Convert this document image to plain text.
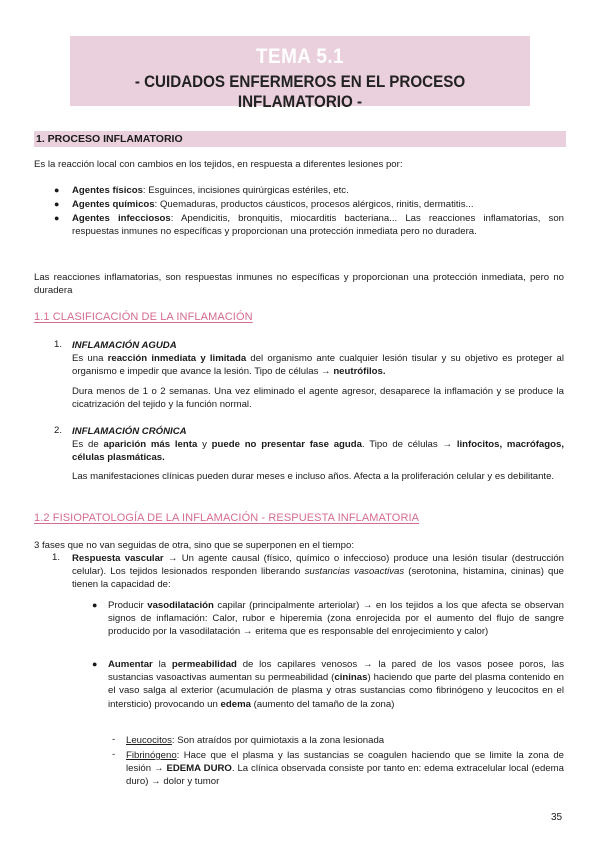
TEMA 5.1
- CUIDADOS ENFERMEROS EN EL PROCESO INFLAMATORIO -
1. PROCESO INFLAMATORIO
Es la reacción local con cambios en los tejidos, en respuesta a diferentes lesiones por:
● Agentes físicos: Esguinces, incisiones quirúrgicas estériles, etc.
● Agentes químicos: Quemaduras, productos cáusticos, procesos alérgicos, rinitis, dermatitis...
● Agentes infecciosos: Apendicitis, bronquitis, miocarditis bacteriana... Las reacciones inflamatorias, son respuestas inmunes no específicas y proporcionan una protección inmediata pero no duradera.
Las reacciones inflamatorias, son respuestas inmunes no específicas y proporcionan una protección inmediata, pero no duradera
1.1 CLASIFICACIÓN DE LA INFLAMACIÓN
1. INFLAMACIÓN AGUDA
Es una reacción inmediata y limitada del organismo ante cualquier lesión tisular y su objetivo es proteger al organismo e impedir que avance la lesión. Tipo de células → neutrófilos.
Dura menos de 1 o 2 semanas. Una vez eliminado el agente agresor, desaparece la inflamación y se produce la cicatrización del tejido y la función normal.
2. INFLAMACIÓN CRÓNICA
Es de aparición más lenta y puede no presentar fase aguda. Tipo de células → linfocitos, macrófagos, células plasmáticas.
Las manifestaciones clínicas pueden durar meses e incluso años. Afecta a la proliferación celular y es debilitante.
1.2 FISIOPATOLOGÍA DE LA INFLAMACIÓN - RESPUESTA INFLAMATORIA
3 fases que no van seguidas de otra, sino que se superponen en el tiempo:
1. Respuesta vascular → Un agente causal (físico, químico o infeccioso) produce una lesión tisular (destrucción celular). Los tejidos lesionados responden liberando sustancias vasoactivas (serotonina, histamina, cininas) que tienen la capacidad de:
● Producir vasodilatación capilar (principalmente arteriolar) → en los tejidos a los que afecta se observan signos de inflamación: Calor, rubor e hiperemia (zona enrojecida por el aumento del flujo de sangre producido por la vasodilatación → eritema que es responsable del enrojecimiento y calor)
● Aumentar la permeabilidad de los capilares venosos → la pared de los vasos posee poros, las sustancias vasoactivas aumentan su permeabilidad (cininas) haciendo que parte del plasma contenido en el vaso salga al exterior (acumulación de plasma y otras sustancias como fibrinógeno y leucocitos en el intersticio) provocando un edema (aumento del tamaño de la zona)
- Leucocitos: Son atraídos por quimiotaxis a la zona lesionada
- Fibrinógeno: Hace que el plasma y las sustancias se coagulen haciendo que se limite la zona de lesión → EDEMA DURO. La clínica observada consiste por tanto en: edema extracelular local (edema duro) → dolor y tumor
35
